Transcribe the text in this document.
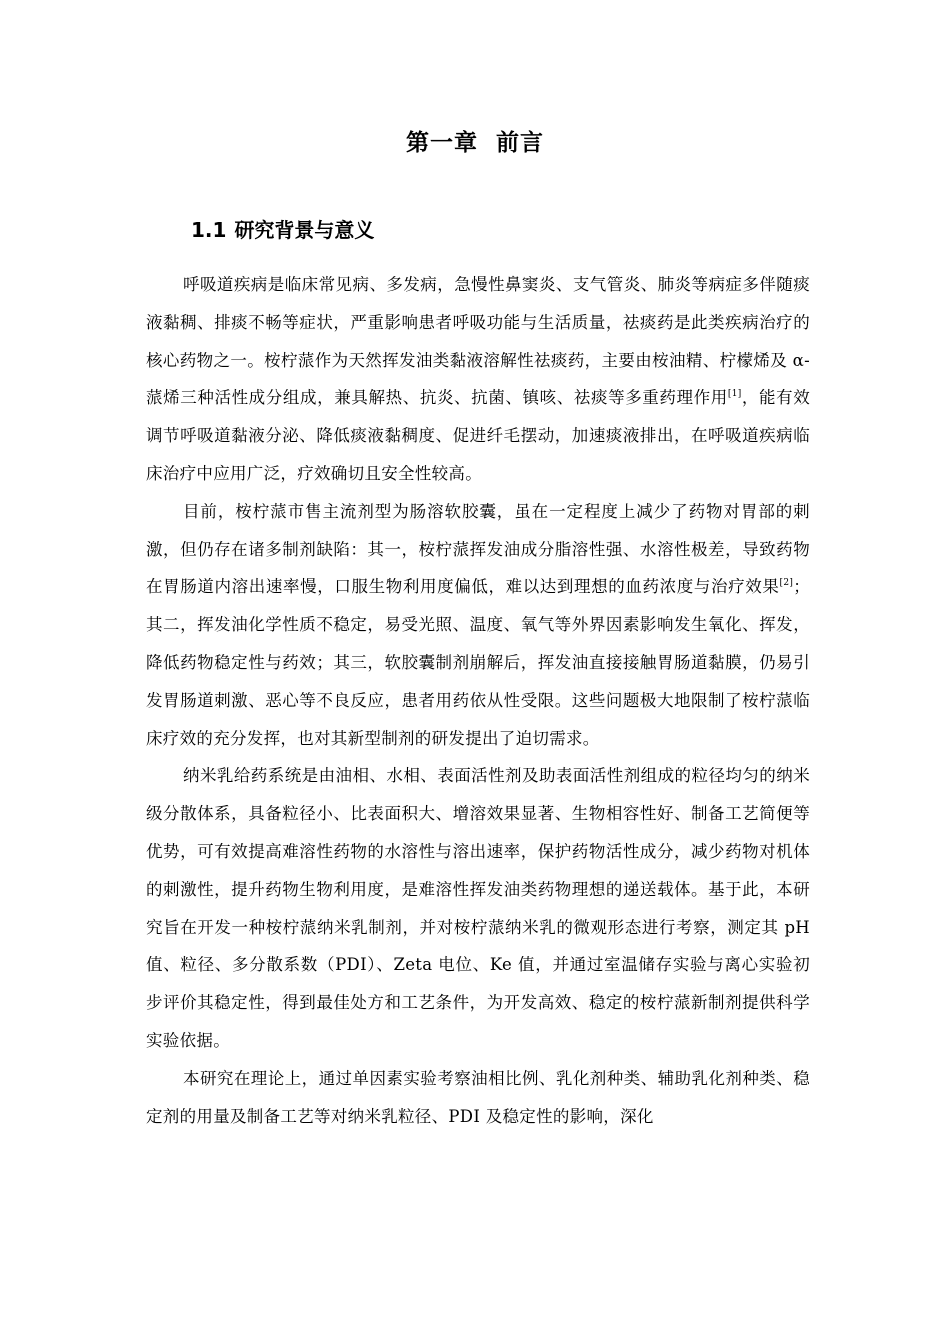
第一章 前言
1.1 研究背景与意义

呼吸道疾病是临床常见病、多发病，急慢性鼻窦炎、支气管炎、肺炎等病症多伴随痰液黏稠、排痰不畅等症状，严重影响患者呼吸功能与生活质量，祛痰药是此类疾病治疗的核心药物之一。桉柠蒎作为天然挥发油类黏液溶解性祛痰药，主要由桉油精、柠檬烯及 α-蒎烯三种活性成分组成，兼具解热、抗炎、抗菌、镇咳、祛痰等多重药理作用[1]，能有效调节呼吸道黏液分泌、降低痰液黏稠度、促进纤毛摆动，加速痰液排出，在呼吸道疾病临床治疗中应用广泛，疗效确切且安全性较高。

目前，桉柠蒎市售主流剂型为肠溶软胶囊，虽在一定程度上减少了药物对胃部的刺激，但仍存在诸多制剂缺陷：其一，桉柠蒎挥发油成分脂溶性强、水溶性极差，导致药物在胃肠道内溶出速率慢，口服生物利用度偏低，难以达到理想的血药浓度与治疗效果[2]；其二，挥发油化学性质不稳定，易受光照、温度、氧气等外界因素影响发生氧化、挥发，降低药物稳定性与药效；其三，软胶囊制剂崩解后，挥发油直接接触胃肠道黏膜，仍易引发胃肠道刺激、恶心等不良反应，患者用药依从性受限。这些问题极大地限制了桉柠蒎临床疗效的充分发挥，也对其新型制剂的研发提出了迫切需求。

纳米乳给药系统是由油相、水相、表面活性剂及助表面活性剂组成的粒径均匀的纳米级分散体系，具备粒径小、比表面积大、增溶效果显著、生物相容性好、制备工艺简便等优势，可有效提高难溶性药物的水溶性与溶出速率，保护药物活性成分，减少药物对机体的刺激性，提升药物生物利用度，是难溶性挥发油类药物理想的递送载体。基于此，本研究旨在开发一种桉柠蒎纳米乳制剂，并对桉柠蒎纳米乳的微观形态进行考察，测定其 pH 值、粒径、多分散系数（PDI）、Zeta 电位、Ke 值，并通过室温储存实验与离心实验初步评价其稳定性，得到最佳处方和工艺条件，为开发高效、稳定的桉柠蒎新制剂提供科学实验依据。

本研究在理论上，通过单因素实验考察油相比例、乳化剂种类、辅助乳化剂种类、稳定剂的用量及制备工艺等对纳米乳粒径、PDI 及稳定性的影响，深化
